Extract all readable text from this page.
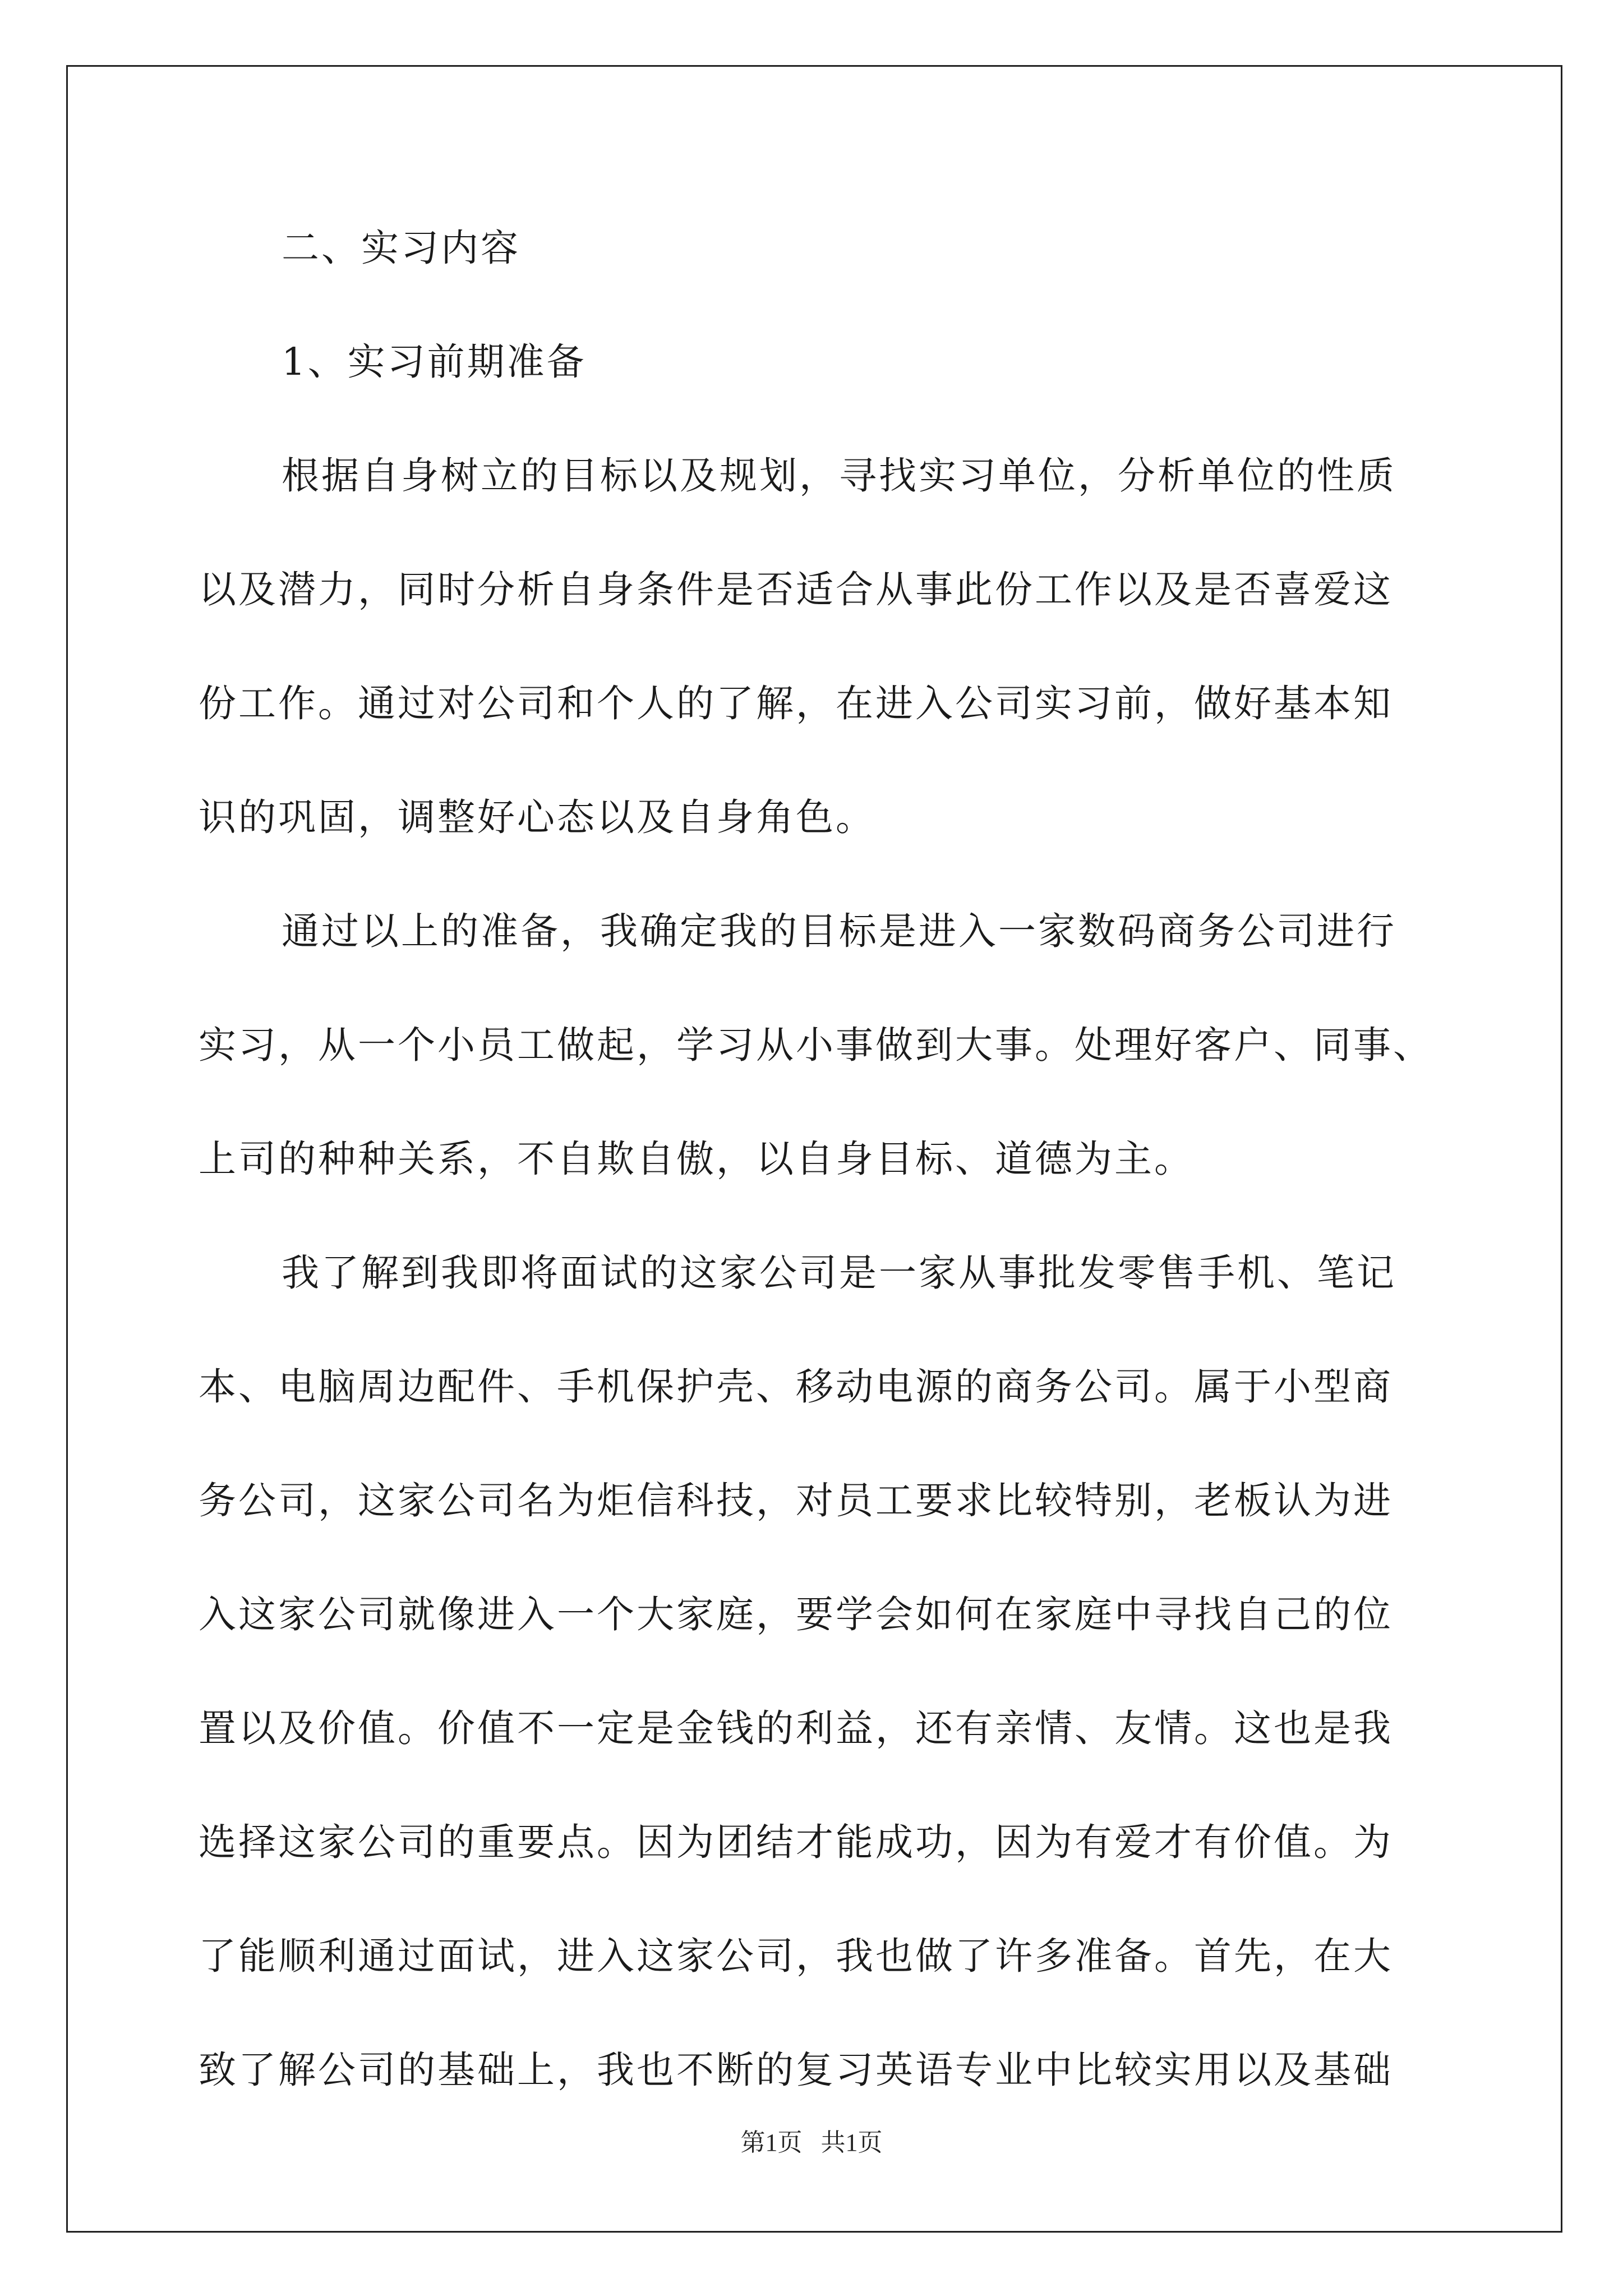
二、实习内容
1、实习前期准备
根据自身树立的目标以及规划，寻找实习单位，分析单位的性质
以及潜力，同时分析自身条件是否适合从事此份工作以及是否喜爱这
份工作。通过对公司和个人的了解，在进入公司实习前，做好基本知
识的巩固，调整好心态以及自身角色。
通过以上的准备，我确定我的目标是进入一家数码商务公司进行
实习，从一个小员工做起，学习从小事做到大事。处理好客户、同事、
上司的种种关系，不自欺自傲，以自身目标、道德为主。
我了解到我即将面试的这家公司是一家从事批发零售手机、笔记
本、电脑周边配件、手机保护壳、移动电源的商务公司。属于小型商
务公司，这家公司名为炬信科技，对员工要求比较特别，老板认为进
入这家公司就像进入一个大家庭，要学会如何在家庭中寻找自己的位
置以及价值。价值不一定是金钱的利益，还有亲情、友情。这也是我
选择这家公司的重要点。因为团结才能成功，因为有爱才有价值。为
了能顺利通过面试，进入这家公司，我也做了许多准备。首先，在大
致了解公司的基础上，我也不断的复习英语专业中比较实用以及基础
第1页   共1页
